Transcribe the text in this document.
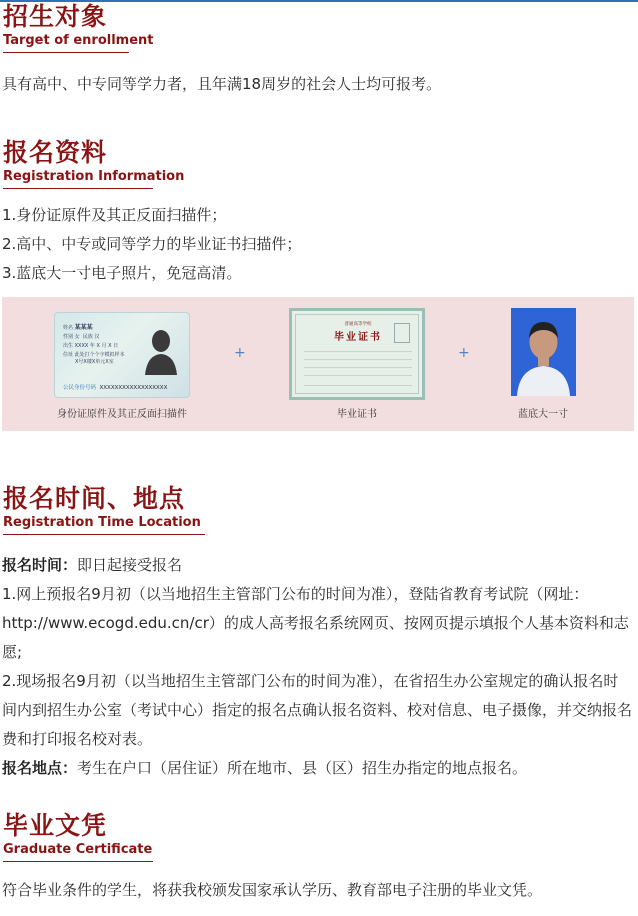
招生对象
Target of enrollment
具有高中、中专同等学力者，且年满18周岁的社会人士均可报考。
报名资料
Registration Information
1.身份证原件及其正反面扫描件；
2.高中、中专或同等学力的毕业证书扫描件；
3.蓝底大一寸电子照片，免冠高清。
姓名 某某某
性别 女 民族 汉
出生 XXXX 年 X 月 X 日
住址 此处打个个字模拟样本
X号X楼X单元X室
公民身份号码 XXXXXXXXXXXXXXXXXX
身份证原件及其正反面扫描件
+
普通高等学校
毕业证书
毕业证书
+
蓝底大一寸
报名时间、地点
Registration Time Location
报名时间：即日起接受报名
1.网上预报名9月初（以当地招生主管部门公布的时间为准），登陆省教育考试院（网址：http://www.ecogd.edu.cn/cr）的成人高考报名系统网页、按网页提示填报个人基本资料和志愿;
2.现场报名9月初（以当地招生主管部门公布的时间为准），在省招生办公室规定的确认报名时间内到招生办公室（考试中心）指定的报名点确认报名资料、校对信息、电子摄像，并交纳报名费和打印报名校对表。
报名地点：考生在户口（居住证）所在地市、县（区）招生办指定的地点报名。
毕业文凭
Graduate Certificate
符合毕业条件的学生，将获我校颁发国家承认学历、教育部电子注册的毕业文凭。
